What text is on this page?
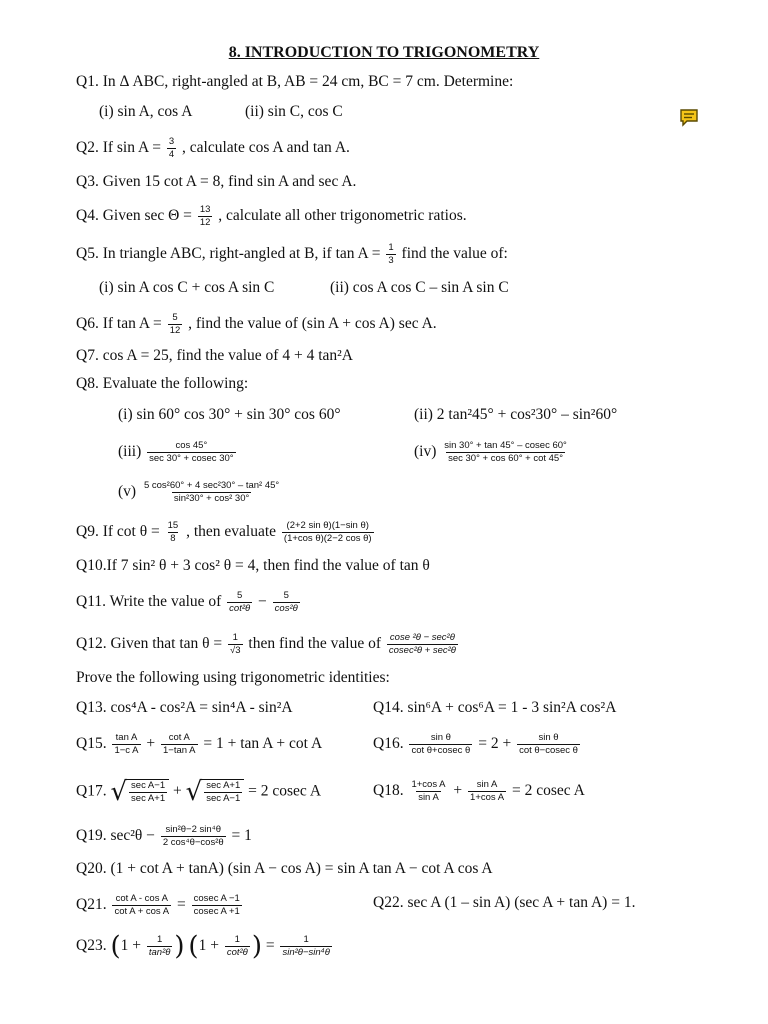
8. INTRODUCTION TO TRIGONOMETRY
Q1. In Δ ABC, right-angled at B, AB = 24 cm, BC = 7 cm. Determine:
(i) sin A, cos A	(ii) sin C, cos C
Q2. If $\sin A = \frac{3}{4}$ , calculate cos A and tan A.
Q3. Given 15 cot A = 8, find sin A and sec A.
Q4. Given $\sec \Theta = \frac{13}{12}$ , calculate all other trigonometric ratios.
Q5. In triangle ABC, right-angled at B, if $\tan A = \frac{1}{3}$ find the value of:
(i) sin A cos C + cos A sin C	(ii) cos A cos C – sin A sin C
Q6. If $\tan A = \frac{5}{12}$ , find the value of (sin A + cos A) sec A.
Q7. cos A = 25, find the value of 4 + 4 tan²A
Q8. Evaluate the following:
(i) sin 60° cos 30° + sin 30° cos 60°	(ii) 2 tan²45° + cos²30° – sin²60°
$(iii) \frac{\cos 45^\circ}{\sec 30^\circ + cosec 30^\circ}$	$(iv) \frac{\sin 30^\circ + \tan 45^\circ - cosec 60^\circ}{\sec 30^\circ + \cos 60^\circ + \cot 45^\circ}$
$(v) \frac{\text{5 cos²60° + 4 sec²30° – tan² 45°}}{\text{sin²30° + cos² 30°}}$
Q9. If $\cot \theta = \frac{15}{8}$ , then evaluate $\frac{\text{(2+2 sin θ)(1−sin θ)}}{\text{(1+cos θ)(2−2 cos θ)}}$
Q10.If 7 sin² θ + 3 cos² θ = 4, then find the value of tan θ
Q11. Write the value of $\frac{5}{\text{cot²θ}} - \frac{5}{\text{cos²θ}}$
Q12. Given that $\tan \theta = \frac{1}{√3}$ then find the value of $\frac{\text{cose ²θ − sec²θ}}{\text{cosec²θ + sec²θ}}$
Prove the following using trigonometric identities:
Q13. cos⁴A - cos²A = sin⁴A - sin²A	Q14. sin⁶A + cos⁶A = 1 - 3 sin²A cos²A
Q15. $\frac{\text{tan A}}{\text{1−c A}} + \frac{\text{cot A}}{\text{1−tan A}} = 1 + \tan A + \cot A$	Q16. $\frac{\text{sin θ}}{\text{cot θ+cosec θ}} = 2 + \frac{\text{sin θ}}{\text{cot θ−cosec θ}}$
Q17. √ $\frac{\text{sec A−1}}{\text{sec A+1}}$ + √ $\frac{\text{sec A+1}}{\text{sec A−1}} = 2$ cosec A	Q18. $\frac{\text{1+cos A}}{\text{sin A}} + \frac{\text{sin A}}{\text{1+cos A}} = 2$ cosec A
Q19. $\sec^2\theta - \frac{\text{sin²θ−2 sin⁴θ}}{\text{2 cos⁴θ−cos²θ}} = 1$
Q20. (1 + cot A + tanA) (sin A − cos A) = sin A tan A − cot A cos A
Q21. $\frac{\text{cot A - cos A}}{\text{cot A + cos A}} = \frac{\text{cosec A −1}}{\text{cosec A +1}}$	Q22. sec A (1 – sin A) (sec A + tan A) = 1.
Q23. ($1 + \frac{1}{\text{tan²θ}}$ ) ($1 + \frac{1}{\text{cot²θ}}$ ) = $\frac{1}{\text{sin²θ−sin⁴θ}}$
